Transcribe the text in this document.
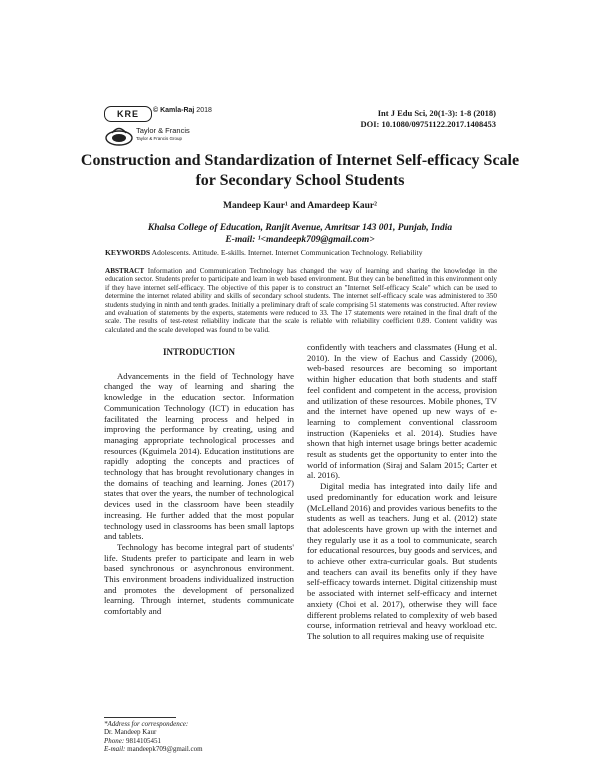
KRE	© Kamla-Raj 2018
Taylor & Francis
Taylor & Francis Group
Int J Edu Sci, 20(1-3): 1-8 (2018)
DOI: 10.1080/09751122.2017.1408453
Construction and Standardization of Internet Self-efficacy Scale
for Secondary School Students
Mandeep Kaur¹ and Amardeep Kaur²
Khalsa College of Education, Ranjit Avenue, Amritsar 143 001, Punjab, India
E-mail: ¹<mandeepk709@gmail.com>
KEYWORDS Adolescents. Attitude. E-skills. Internet. Internet Communication Technology. Reliability
ABSTRACT Information and Communication Technology has changed the way of learning and sharing the knowledge in the education sector. Students prefer to participate and learn in web based environment. But they can be benefitted in this environment only if they have internet self-efficacy. The objective of this paper is to construct an "Internet Self-efficacy Scale" which can be used to determine the internet related ability and skills of secondary school students. The internet self-efficacy scale was administered to 350 students studying in ninth and tenth grades. Initially a preliminary draft of scale comprising 51 statements was constructed. After review and evaluation of statements by the experts, statements were reduced to 33. The 17 statements were retained in the final draft of the scale. The results of test-retest reliability indicate that the scale is reliable with reliability coefficient 0.89. Content validity was calculated and the scale developed was found to be valid.

INTRODUCTION

Advancements in the field of Technology have changed the way of learning and sharing the knowledge in the education sector. Information Communication Technology (ICT) in education has facilitated the learning process and helped in improving the performance by creating, using and managing appropriate technological processes and resources (Kguimela 2014). Education institutions are rapidly adopting the concepts and practices of technology that has brought revolutionary changes in the domains of teaching and learning. Jones (2017) states that over the years, the number of technological devices used in the classroom have been steadily increasing. He further added that the most popular technology used in classrooms has been small laptops and tablets.

Technology has become integral part of students' life. Students prefer to participate and learn in web based synchronous or asynchronous environment. This environment broadens individualized instruction and promotes the development of personalized learning. Through internet, students communicate comfortably and

confidently with teachers and classmates (Hung et al. 2010). In the view of Eachus and Cassidy (2006), web-based resources are becoming so important within higher education that both students and staff feel confident and competent in the access, provision and utilization of these resources. Mobile phones, TV and the internet have opened up new ways of e-learning to complement conventional classroom instruction (Kapenieks et al. 2014). Studies have shown that high internet usage brings better academic result as students get the opportunity to enter into the world of information (Siraj and Salam 2015; Carter et al. 2016).

Digital media has integrated into daily life and used predominantly for education work and leisure (McLelland 2016) and provides various benefits to the students as well as teachers. Jung et al. (2012) state that adolescents have grown up with the internet and they regularly use it as a tool to communicate, search for educational resources, buy goods and services, and to achieve other extra-curricular goals. But students and teachers can avail its benefits only if they have self-efficacy towards internet. Digital citizenship must be associated with internet self-efficacy and internet anxiety (Choi et al. 2017), otherwise they will face different problems related to complexity of web based course, information retrieval and heavy workload etc. The solution to all requires making use of requisite

*Address for correspondence:
Dr. Mandeep Kaur
Phone: 9814105451
E-mail: mandeepk709@gmail.com
